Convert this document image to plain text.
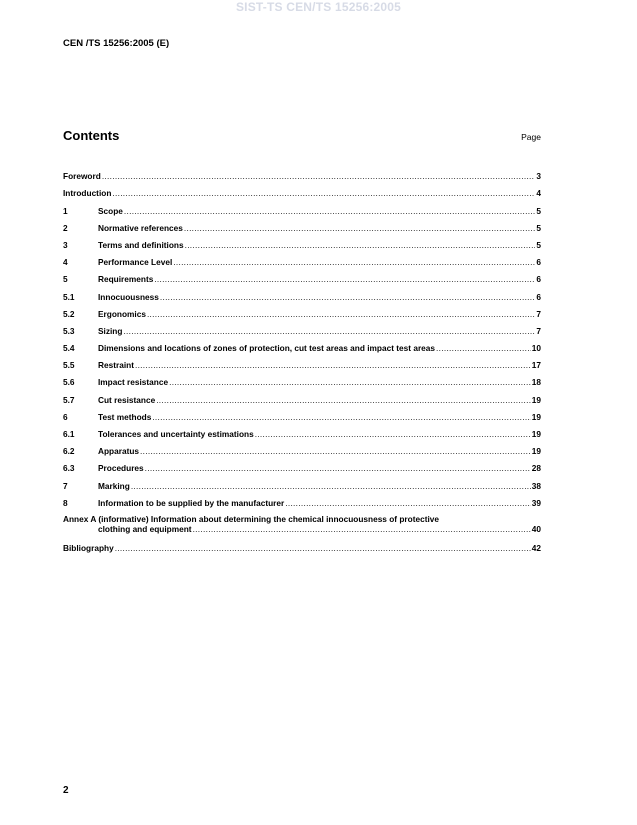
SIST-TS CEN/TS 15256:2005
CEN /TS 15256:2005 (E)
Contents	Page
Foreword .....	3
Introduction .....	4
1	Scope .....	5
2	Normative references .....	5
3	Terms and definitions .....	5
4	Performance Level .....	6
5	Requirements .....	6
5.1	Innocuousness .....	6
5.2	Ergonomics .....	7
5.3	Sizing .....	7
5.4	Dimensions and locations of zones of protection, cut test areas and impact test areas .....	10
5.5	Restraint .....	17
5.6	Impact resistance .....	18
5.7	Cut resistance .....	19
6	Test methods .....	19
6.1	Tolerances and uncertainty estimations .....	19
6.2	Apparatus .....	19
6.3	Procedures .....	28
7	Marking .....	38
8	Information to be supplied by the manufacturer .....	39
Annex A (informative) Information about determining the chemical innocuousness of protective
clothing and equipment .....	40
Bibliography .....	42
2
